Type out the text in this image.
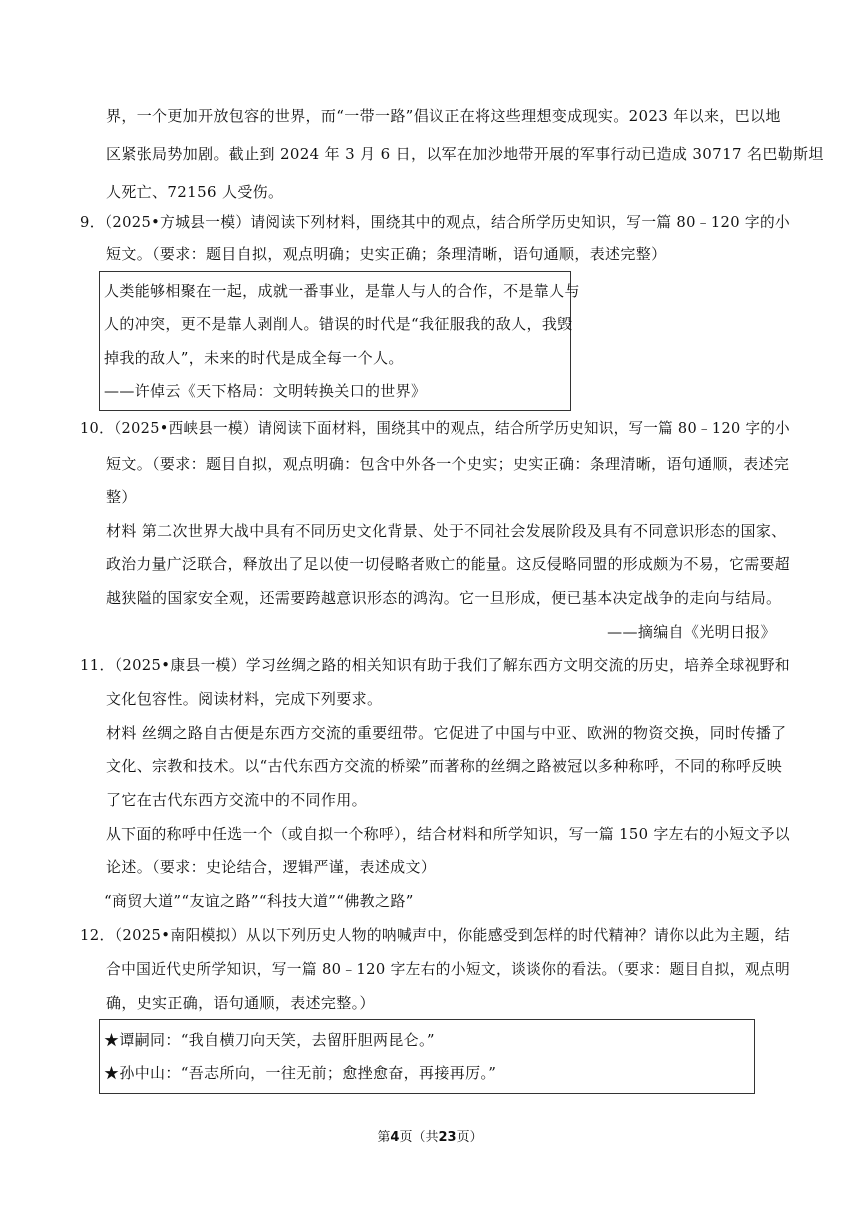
界，一个更加开放包容的世界，而“一带一路”倡议正在将这些理想变成现实。2023 年以来，巴以地
区紧张局势加剧。截止到 2024 年 3 月 6 日，以军在加沙地带开展的军事行动已造成 30717 名巴勒斯坦
人死亡、72156 人受伤。
9．（2025•方城县一模）请阅读下列材料，围绕其中的观点，结合所学历史知识，写一篇 80﹣120 字的小
短文。（要求：题目自拟，观点明确；史实正确；条理清晰，语句通顺，表述完整）
人类能够相聚在一起，成就一番事业，是靠人与人的合作，不是靠人与
人的冲突，更不是靠人剥削人。错误的时代是“我征服我的敌人，我毁
掉我的敌人”，未来的时代是成全每一个人。
——许倬云《天下格局：文明转换关口的世界》
10．（2025•西峡县一模）请阅读下面材料，围绕其中的观点，结合所学历史知识，写一篇 80﹣120 字的小
短文。（要求：题目自拟，观点明确：包含中外各一个史实；史实正确：条理清晰，语句通顺，表述完
整）
材料 第二次世界大战中具有不同历史文化背景、处于不同社会发展阶段及具有不同意识形态的国家、
政治力量广泛联合，释放出了足以使一切侵略者败亡的能量。这反侵略同盟的形成颇为不易，它需要超
越狭隘的国家安全观，还需要跨越意识形态的鸿沟。它一旦形成，便已基本决定战争的走向与结局。
——摘编自《光明日报》
11．（2025•康县一模）学习丝绸之路的相关知识有助于我们了解东西方文明交流的历史，培养全球视野和
文化包容性。阅读材料，完成下列要求。
材料 丝绸之路自古便是东西方交流的重要纽带。它促进了中国与中亚、欧洲的物资交换，同时传播了
文化、宗教和技术。以“古代东西方交流的桥梁”而著称的丝绸之路被冠以多种称呼，不同的称呼反映
了它在古代东西方交流中的不同作用。
从下面的称呼中任选一个（或自拟一个称呼），结合材料和所学知识，写一篇 150 字左右的小短文予以
论述。（要求：史论结合，逻辑严谨，表述成文）
“商贸大道”“友谊之路”“科技大道”“佛教之路”
12．（2025•南阳模拟）从以下列历史人物的呐喊声中，你能感受到怎样的时代精神？请你以此为主题，结
合中国近代史所学知识，写一篇 80﹣120 字左右的小短文，谈谈你的看法。（要求：题目自拟，观点明
确，史实正确，语句通顺，表述完整。）
★谭嗣同：“我自横刀向天笑，去留肝胆两昆仑。”
★孙中山：“吾志所向，一往无前；愈挫愈奋，再接再厉。”
第4页（共23页）
